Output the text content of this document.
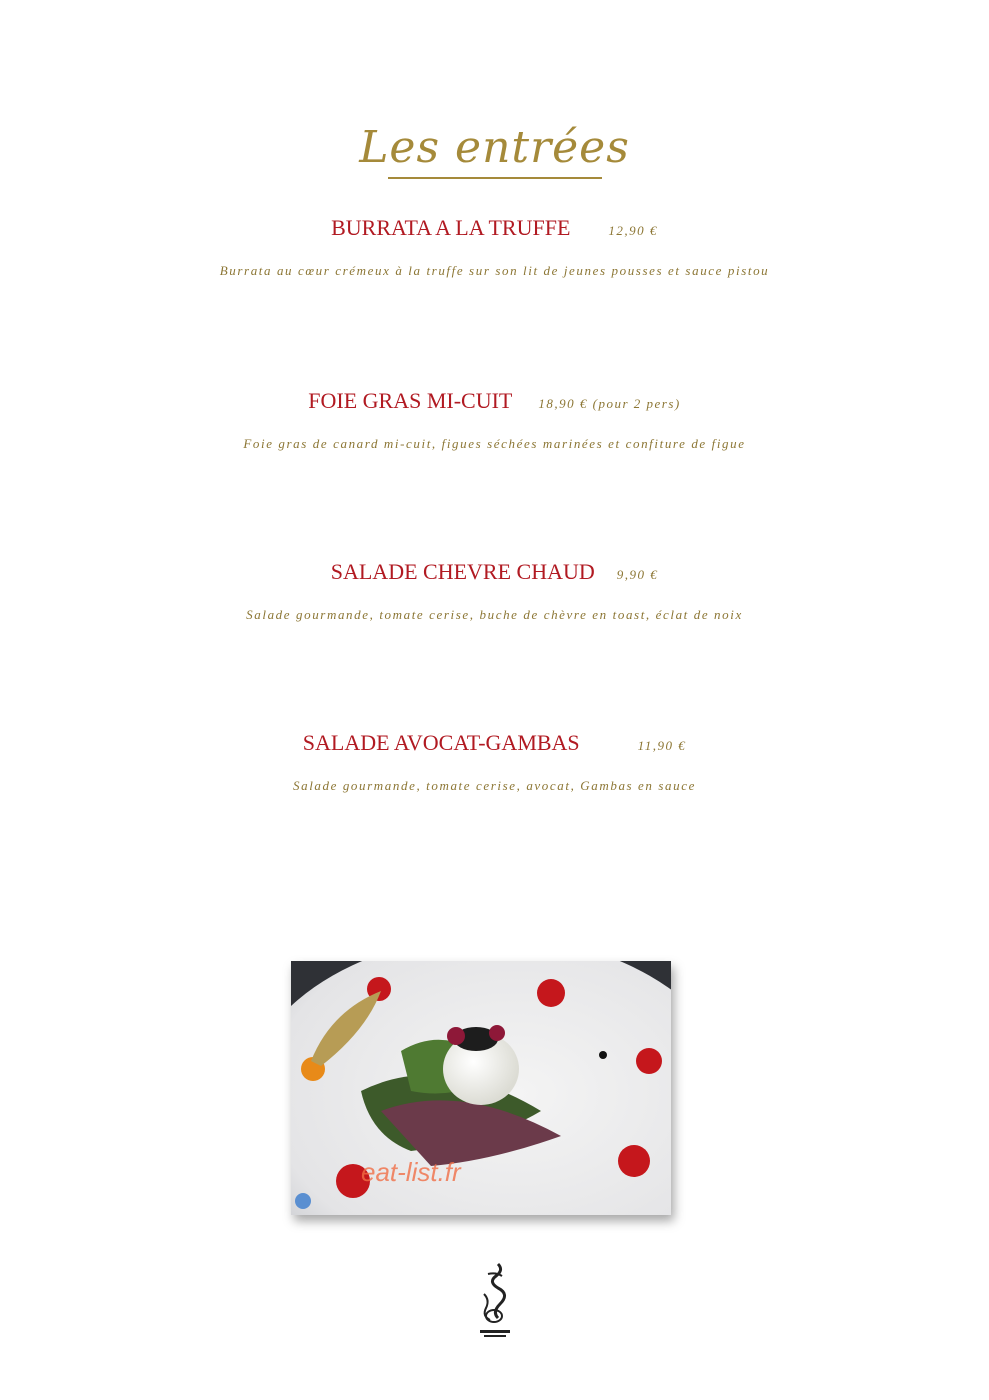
Les entrées
BURRATA A LA TRUFFE	12,90 €
Burrata au cœur crémeux à la truffe sur son lit de jeunes pousses et sauce pistou
FOIE GRAS MI-CUIT 18,90 € (pour 2 pers)
Foie gras de canard mi-cuit, figues séchées marinées et confiture de figue
SALADE CHEVRE CHAUD 9,90 €
Salade gourmande, tomate cerise, buche de chèvre en toast, éclat de noix
SALADE AVOCAT-GAMBAS	11,90 €
Salade gourmande, tomate cerise, avocat, Gambas en sauce
eat-list.fr
